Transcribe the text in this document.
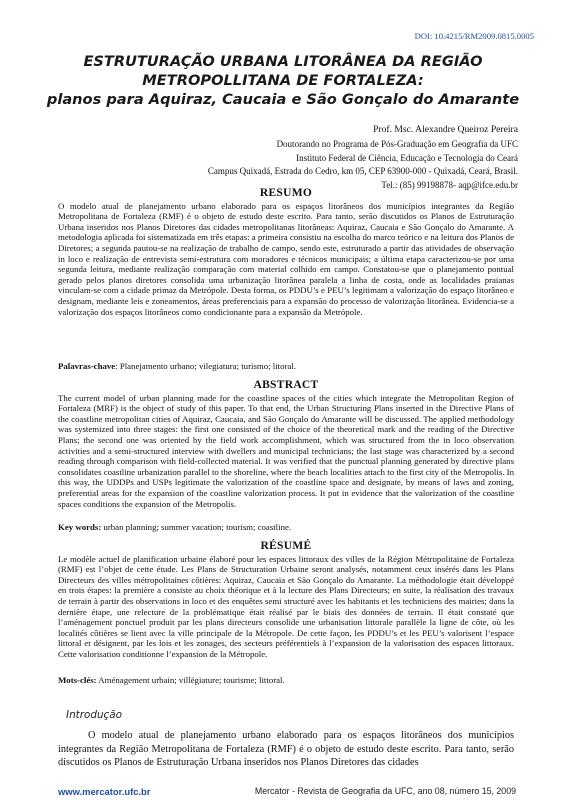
DOI: 10.4215/RM2009.0815.0005
ESTRUTURAÇÃO URBANA LITORÂNEA DA REGIÃO
METROPOLLITANA DE FORTALEZA:
planos para Aquiraz, Caucaia e São Gonçalo do Amarante
Prof. Msc. Alexandre Queiroz Pereira
Doutorando no Programa de Pós-Graduação em Geografia da UFC
Instituto Federal de Ciência, Educação e Tecnologia do Ceará
Campus Quixadá, Estrada do Cedro, km 05, CEP 63900-000 - Quixadá, Ceará, Brasil.
Tel.: (85) 99198878- aqp@ifce.edu.br
RESUMO

O modelo atual de planejamento urbano elaborado para os espaços litorâneos dos municípios integrantes da Região Metropolitana de Fortaleza (RMF) é o objeto de estudo deste escrito. Para tanto, serão discutidos os Planos de Estruturação Urbana inseridos nos Planos Diretores das cidades metropolitanas litorâneas: Aquiraz, Caucaia e São Gonçalo do Amarante. A metodologia aplicada foi sistematizada em três etapas: a primeira consistiu na escolha do marco teórico e na leitura dos Planos de Diretores; a segunda pautou-se na realização de trabalho de campo, sendo este, estruturado a partir das atividades de observação in loco e realização de entrevista semi-estrutura com moradores e técnicos municipais; a última etapa caracterizou-se por uma segunda leitura, mediante realização comparação com material colhido em campo. Constatou-se que o planejamento pontual gerado pelos planos diretores consolida uma urbanização litorânea paralela a linha de costa, onde as localidades praianas vinculam-se com a cidade primaz da Metrópole. Desta forma, os PDDU’s e PEU’s legitimam a valorização do espaço litorâneo e designam, mediante leis e zoneamentos, áreas preferenciais para a expansão do processo de valorização litorânea. Evidencia-se a valorização dos espaços litorâneos como condicionante para a expansão da Metrópole.

Palavras-chave: Planejamento urbano; vilegiatura; turismo; litoral.
ABSTRACT

The current model of urban planning made for the coastline spaces of the cities which integrate the Metropolitan Region of Fortaleza (MRF) is the object of study of this paper. To that end, the Urban Structuring Plans inserted in the Directive Plans of the coastline metropolitan cities of Aquiraz, Caucaia, and São Gonçalo do Amarante will be discussed. The applied methodology was systemized into three stages: the first one consisted of the choice of the theoretical mark and the reading of the Directive Plans; the second one was oriented by the field work accomplishment, which was structured from the in loco observation activities and a semi-structured interview with dwellers and municipal technicians; the last stage was characterized by a second reading through comparison with field-collected material. It was verified that the punctual planning generated by directive plans consolidates coastline urbanization parallel to the shoreline, where the beach localities attach to the first city of the Metropolis. In this way, the UDDPs and USPs legitimate the valorization of the coastline space and designate, by means of laws and zoning, preferential areas for the expansion of the coastline valorization process. It put in evidence that the valorization of the coastline spaces conditions the expansion of the Metropolis.

Key words: urban planning; summer vacation; tourism; coastline.
RÉSUMÉ

Le modèle actuel de planification urbaine élaboré pour les espaces littoraux des villes de la Région Métropolitaine de Fortaleza (RMF) est l’objet de cette étude. Les Plans de Structuration Urbaine seront analysés, notamment ceux insérés dans les Plans Directeurs des villes métropolitaines côtières: Aquiraz, Caucaia et São Gonçalo do Amarante. La méthodologie était développé en trois étapes: la première a consiste au choix théorique et à la lecture des Plans Directeurs; en suite, la réalisation des travaux de terrain à partir des observations in loco et des enquêtes semi structuré avec les habitants et les techniciens des mairies; dans la dernière étape, une relecture de la problématique était réalisé par le biais des données de terrain. Il était constaté que l’aménagement ponctuel produit par les plans directeurs consolide une urbanisation littorale parallèle la ligne de côte, où les localités côtières se lient avec la ville principale de la Métropole. De cette façon, les PDDU’s et les PEU’s valorisent l’espace littoral et désignent, par les lois et les zonages, des secteurs préférentiels à l’expansion de la valorisation des espaces littoraux. Cette valorisation conditionne l’expansion de la Métropole.

Mots-clés: Aménagement urbain; villégiature; tourisme; littoral.
Introdução
O modelo atual de planejamento urbano elaborado para os espaços litorâneos dos municípios integrantes da Região Metropolitana de Fortaleza (RMF) é o objeto de estudo deste escrito. Para tanto, serão discutidos os Planos de Estruturação Urbana inseridos nos Planos Diretores das cidades
www.mercator.ufc.br	Mercator - Revista de Geografia da UFC, ano 08, número 15, 2009
